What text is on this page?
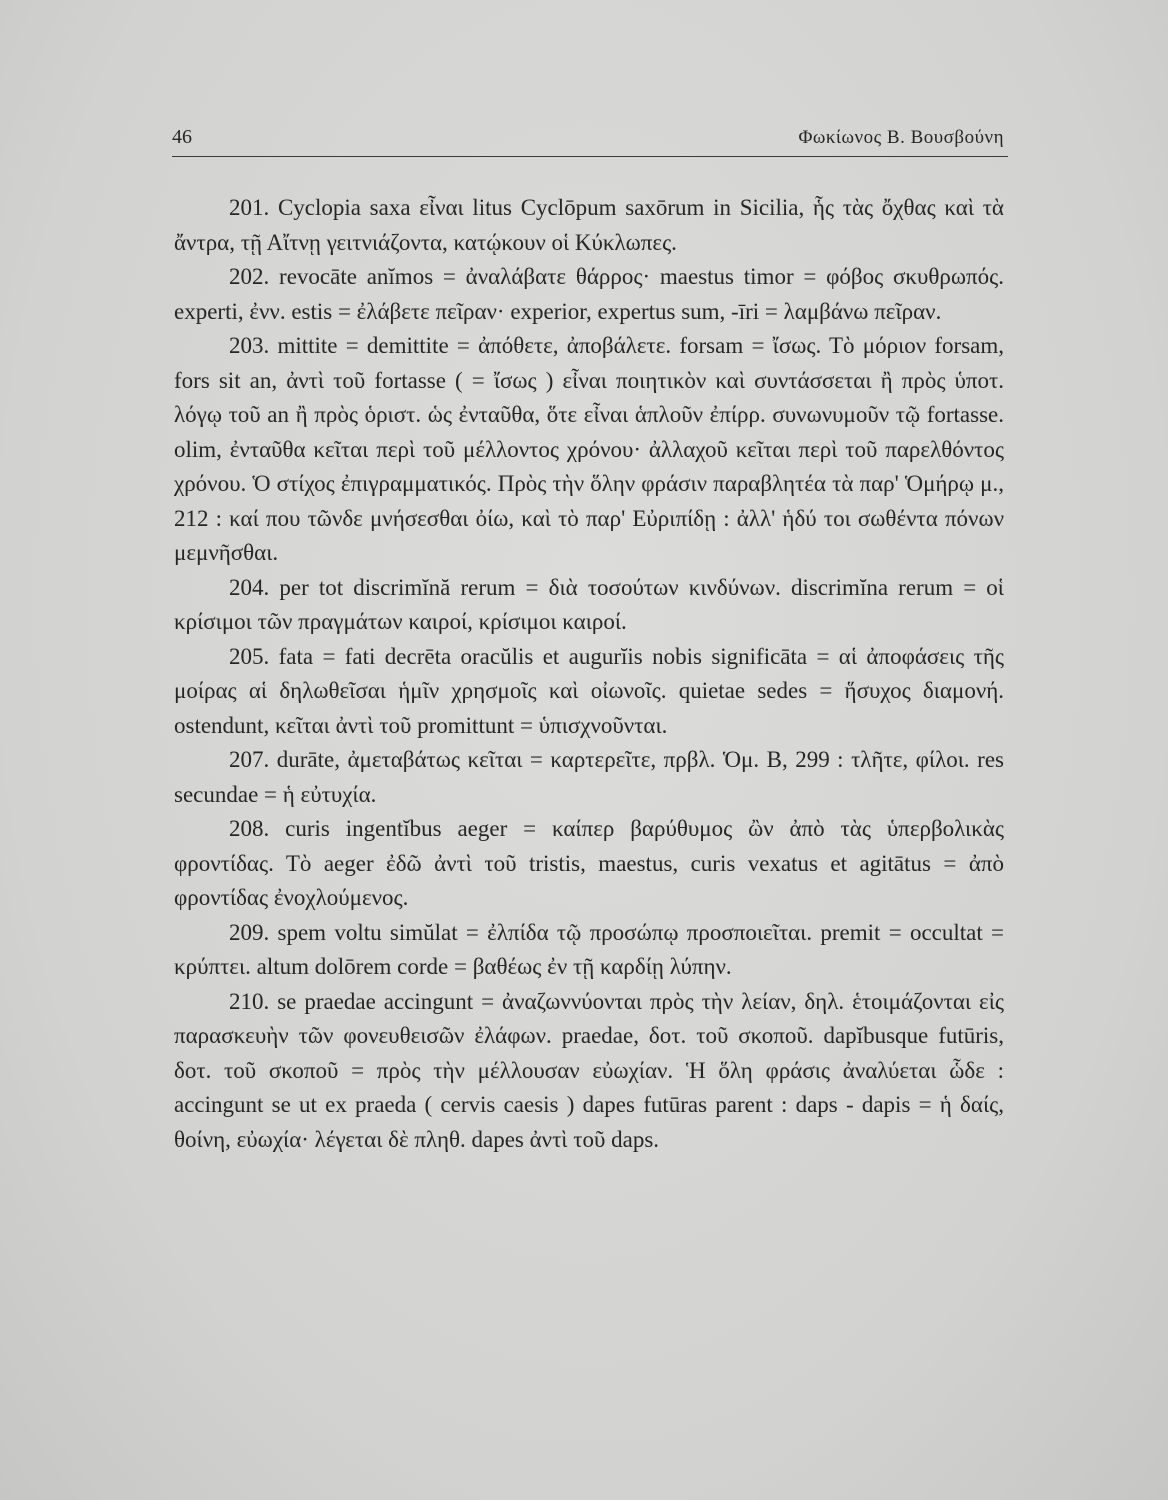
46	Φωκίωνος Β. Βουσβούνη

201. Cyclopia saxa εἶναι litus Cyclōpum saxōrum in Sicilia, ἧς τὰς ὄχθας καὶ τὰ ἄντρα, τῇ Αἴτνῃ γειτνιάζοντα, κατῴκουν οἱ Κύκλωπες.

202. revocāte anĭmos = ἀναλάβατε θάρρος· maestus timor = φόβος σκυθρωπός. experti, ἐνν. estis = ἐλάβετε πεῖραν· experior, expertus sum, -īri = λαμβάνω πεῖραν.

203. mittite = demittite = ἀπόθετε, ἀποβάλετε. forsam = ἴσως. Τὸ μόριον forsam, fors sit an, ἀντὶ τοῦ fortasse ( = ἴσως ) εἶναι ποιητικὸν καὶ συντάσσεται ἢ πρὸς ὑποτ. λόγῳ τοῦ an ἢ πρὸς ὁριστ. ὡς ἐνταῦθα, ὅτε εἶναι ἁπλοῦν ἐπίρρ. συνωνυμοῦν τῷ fortasse. olim, ἐνταῦθα κεῖται περὶ τοῦ μέλλοντος χρόνου· ἀλλαχοῦ κεῖται περὶ τοῦ παρελθόντος χρόνου. Ὁ στίχος ἐπιγραμματικός. Πρὸς τὴν ὅλην φράσιν παραβλητέα τὰ παρ' Ὁμήρῳ μ., 212 : καί που τῶνδε μνήσεσθαι ὀίω, καὶ τὸ παρ' Εὐριπίδῃ : ἀλλ' ἡδύ τοι σωθέντα πόνων μεμνῆσθαι.

204. per tot discrimĭnă rerum = διὰ τοσούτων κινδύνων. discrimĭna rerum = οἱ κρίσιμοι τῶν πραγμάτων καιροί, κρίσιμοι καιροί.

205. fata = fati decrēta oracŭlis et augurĭis nobis significāta = αἱ ἀποφάσεις τῆς μοίρας αἱ δηλωθεῖσαι ἡμῖν χρησμοῖς καὶ οἰωνοῖς. quietae sedes = ἥσυχος διαμονή. ostendunt, κεῖται ἀντὶ τοῦ promittunt = ὑπισχνοῦνται.

207. durāte, ἀμεταβάτως κεῖται = καρτερεῖτε, πρβλ. Ὁμ. Β, 299 : τλῆτε, φίλοι. res secundae = ἡ εὐτυχία.

208. curis ingentĭbus aeger = καίπερ βαρύθυμος ὢν ἀπὸ τὰς ὑπερβολικὰς φροντίδας. Τὸ aeger ἐδῶ ἀντὶ τοῦ tristis, maestus, curis vexatus et agitātus = ἀπὸ φροντίδας ἐνοχλούμενος.

209. spem voltu simŭlat = ἐλπίδα τῷ προσώπῳ προσποιεῖται. premit = occultat = κρύπτει. altum dolōrem corde = βαθέως ἐν τῇ καρδίῃ λύπην.

210. se praedae accingunt = ἀναζωννύονται πρὸς τὴν λείαν, δηλ. ἑτοιμάζονται εἰς παρασκευὴν τῶν φονευθεισῶν ἐλάφων. praedae, δοτ. τοῦ σκοποῦ. dapĭbusque futūris, δοτ. τοῦ σκοποῦ = πρὸς τὴν μέλλουσαν εὐωχίαν. Ἡ ὅλη φράσις ἀναλύεται ὧδε : accingunt se ut ex praeda ( cervis caesis ) dapes futūras parent : daps - dapis = ἡ δαίς, θοίνη, εὐωχία· λέγεται δὲ πληθ. dapes ἀντὶ τοῦ daps.
